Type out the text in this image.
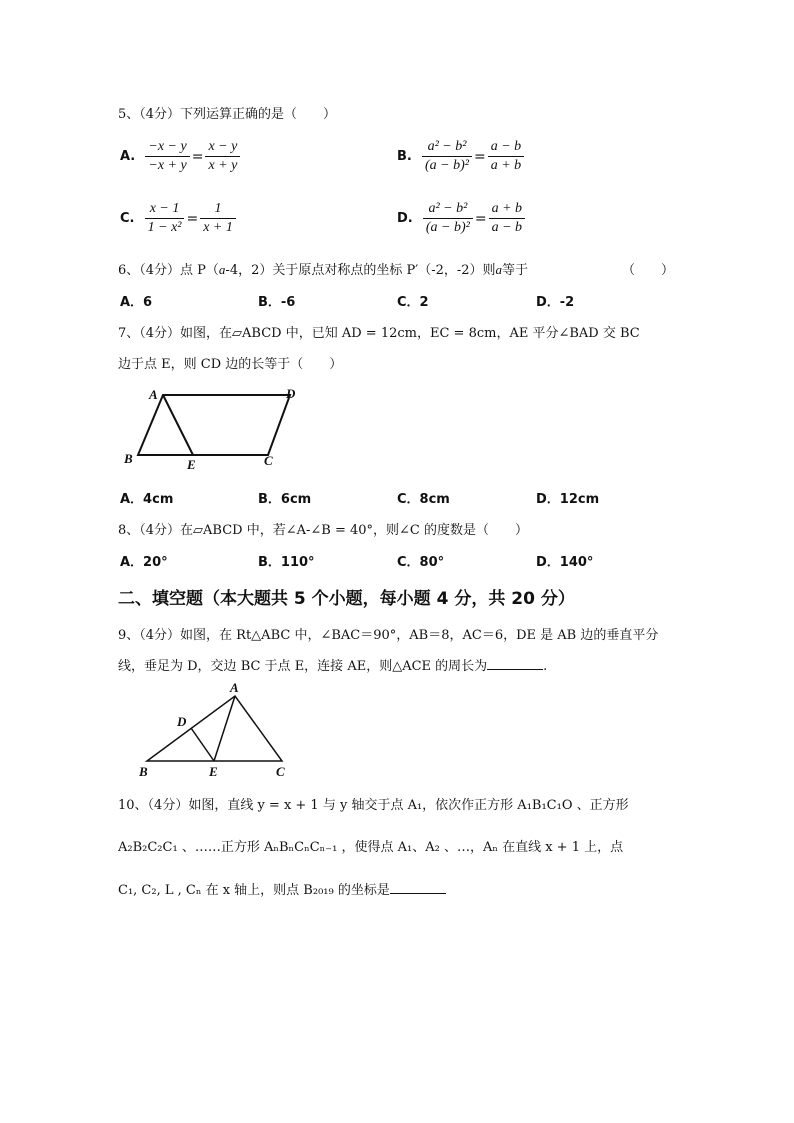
5、（4分）下列运算正确的是（　　）
A. $\frac{-x - y}{-x + y} = \frac{x - y}{x + y}$	B. $\frac{\text{a² − b²}}{\text{(a − b)²}} = \frac{a - b}{a + b}$
C. $\frac{x - 1}{\text{1 − x²}} = \frac{1}{x + 1}$	D. $\frac{\text{a² − b²}}{\text{(a − b)²}} = \frac{a + b}{a - b}$
6、（4分）点 P（a-4，2）关于原点对称点的坐标 P′（-2，-2）则a等于	（　　）
A．6	B．-6	C．2	D．-2
7、（4分）如图，在▱ABCD 中，已知 AD = 12cm，EC = 8cm，AE 平分∠BAD 交 BC
边于点 E，则 CD 边的长等于（　　）
A	D
B	E	C
A．4cm	B．6cm	C．8cm	D．12cm
8、（4分）在▱ABCD 中，若∠A-∠B = 40°，则∠C 的度数是（　　）
A．20°	B．110°	C．80°	D．140°
二、填空题（本大题共 5 个小题，每小题 4 分，共 20 分）
9、（4分）如图，在 Rt△ABC 中，∠BAC＝90°，AB＝8，AC＝6，DE 是 AB 边的垂直平分
线，垂足为 D，交边 BC 于点 E，连接 AE，则△ACE 的周长为	.
A
D
B	E	C
10、（4分）如图，直线 y = x + 1 与 y 轴交于点 A₁，依次作正方形 A₁B₁C₁O 、正方形
A₂B₂C₂C₁ 、……正方形 AₙBₙCₙCₙ₋₁ ，使得点 A₁、A₂ 、…，Aₙ 在直线 x + 1 上，点
C₁, C₂, L , Cₙ 在 x 轴上，则点 B₂₀₁₉ 的坐标是
